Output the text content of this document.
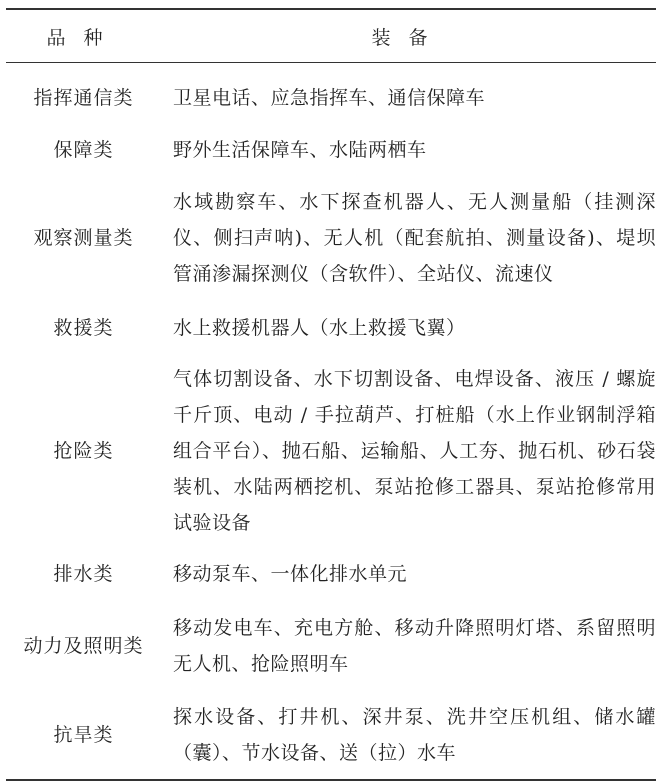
品种	装备
指挥通信类	卫星电话、应急指挥车、通信保障车
保障类	野外生活保障车、水陆两栖车
观察测量类	水域勘察车、水下探查机器人、无人测量船（挂测深仪、侧扫声呐)、无人机（配套航拍、测量设备)、堤坝管涌渗漏探测仪（含软件）、全站仪、流速仪
救援类	水上救援机器人（水上救援飞翼）
抢险类	气体切割设备、水下切割设备、电焊设备、液压 / 螺旋千斤顶、电动 / 手拉葫芦、打桩船（水上作业钢制浮箱组合平台）、抛石船、运输船、人工夯、抛石机、砂石袋装机、水陆两栖挖机、泵站抢修工器具、泵站抢修常用试验设备
排水类	移动泵车、一体化排水单元
动力及照明类	移动发电车、充电方舱、移动升降照明灯塔、系留照明无人机、抢险照明车
抗旱类	探水设备、打井机、深井泵、洗井空压机组、储水罐（囊）、节水设备、送（拉）水车
